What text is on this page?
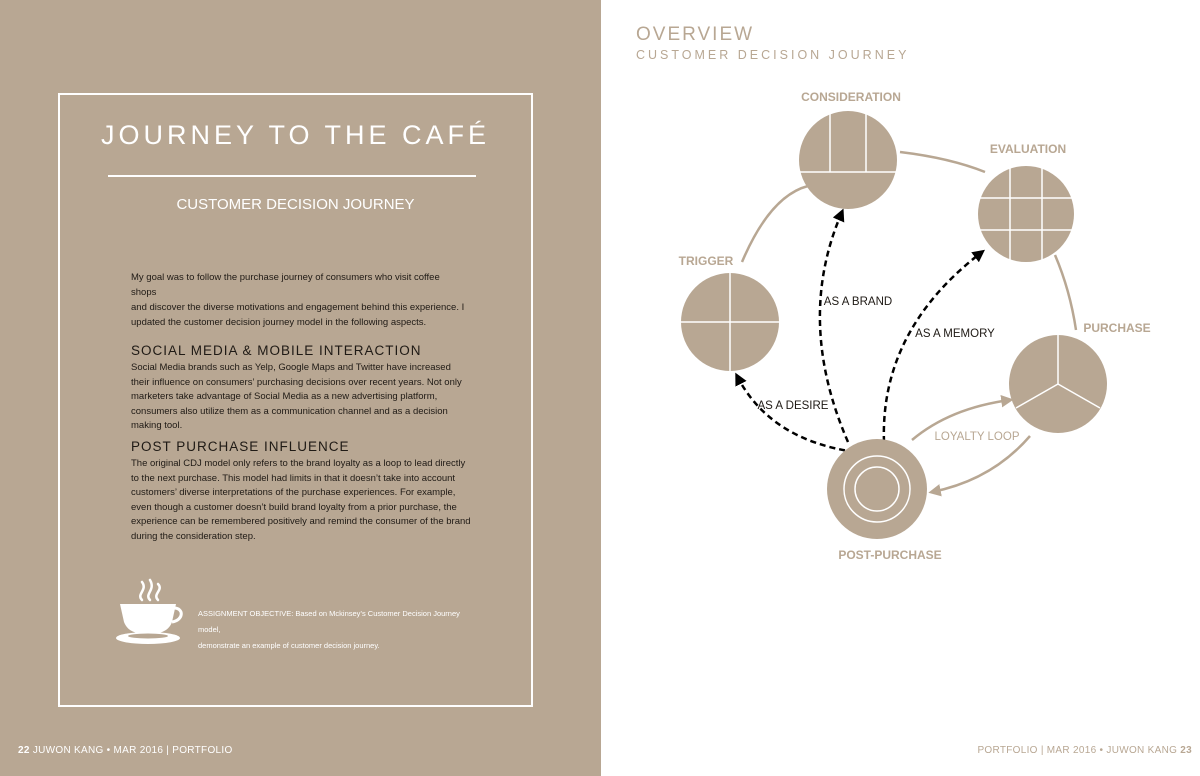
JOURNEY TO THE CAFÉ
CUSTOMER DECISION JOURNEY
My goal was to follow the purchase journey of consumers who visit coffee shops
and discover the diverse motivations and engagement behind this experience. I
updated the customer decision journey model in the following aspects.
SOCIAL MEDIA & MOBILE INTERACTION
Social Media brands such as Yelp, Google Maps and Twitter have increased
their influence on consumers’ purchasing decisions over recent years. Not only
marketers take advantage of Social Media as a new advertising platform,
consumers also utilize them as a communication channel and as a decision
making tool.
POST PURCHASE INFLUENCE
The original CDJ model only refers to the brand loyalty as a loop to lead directly
to the next purchase. This model had limits in that it doesn’t take into account
customers’ diverse interpretations of the purchase experiences. For example,
even though a customer doesn’t build brand loyalty from a prior purchase, the
experience can be remembered positively and remind the consumer of the brand
during the consideration step.
ASSIGNMENT OBJECTIVE: Based on Mckinsey’s Customer Decision Journey model,
demonstrate an example of customer decision journey.
22 JUWON KANG • MAR 2016 | PORTFOLIO
OVERVIEW
CUSTOMER DECISION JOURNEY
CONSIDERATION
EVALUATION
TRIGGER
PURCHASE
POST-PURCHASE
AS A BRAND
AS A MEMORY
AS A DESIRE
LOYALTY LOOP
PORTFOLIO | MAR 2016 • JUWON KANG 23
